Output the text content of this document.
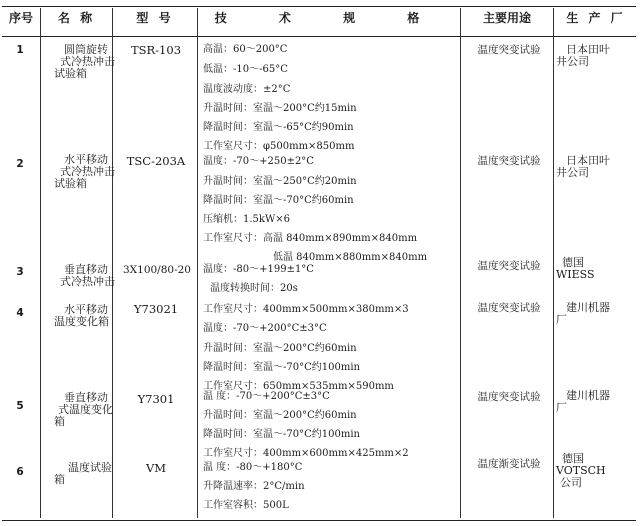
序号	名 称	型 号	技 术 规 格	主要用途	生 产 厂
1	圆筒旋转
式冷热冲击
试验箱
TSR-103	高温：60～200°C
低温：-10～-65°C
温度波动度：±2°C
升温时间：室温～200°C约15min
降温时间：室温～-65°C约90min
工作室尺寸：φ500mm×850mm
温度突变试验	日本田叶
井公司
2	水平移动
式冷热冲击
试验箱
TSC-203A	温度：-70～+250±2°C
升温时间：室温～250°C约20min
降温时间：室温～-70°C约60min
压缩机：1.5kW×6
工作室尺寸：高温 840mm×890mm×840mm
低温 840mm×880mm×840mm
温度突变试验	日本田叶
井公司
3	垂直移动
式冷热冲击
3X100/80-20	温度：-80～+199±1°C
温度转换时间：20s
温度突变试验	德国
WIESS
4	水平移动
温度变化箱
Y73021	工作室尺寸：400mm×500mm×380mm×3
温度：-70～+200°C±3°C
升温时间：室温～200°C约60min
降温时间：室温～-70°C约100min
工作室尺寸：650mm×535mm×590mm
温度突变试验	建川机器
厂
5
垂直移动
式温度变化
箱
Y7301	温 度：-70～+200°C±3°C
升温时间：室温～200°C约60min
降温时间：室温～-70°C约100min
工作室尺寸：400mm×600mm×425mm×2
温度突变试验	建川机器
厂
6	温度试验
箱
VM	温 度：-80～+180°C
升降温速率：2°C/min
工作室容积：500L
温度渐变试验	德国
VOTSCH
公司
